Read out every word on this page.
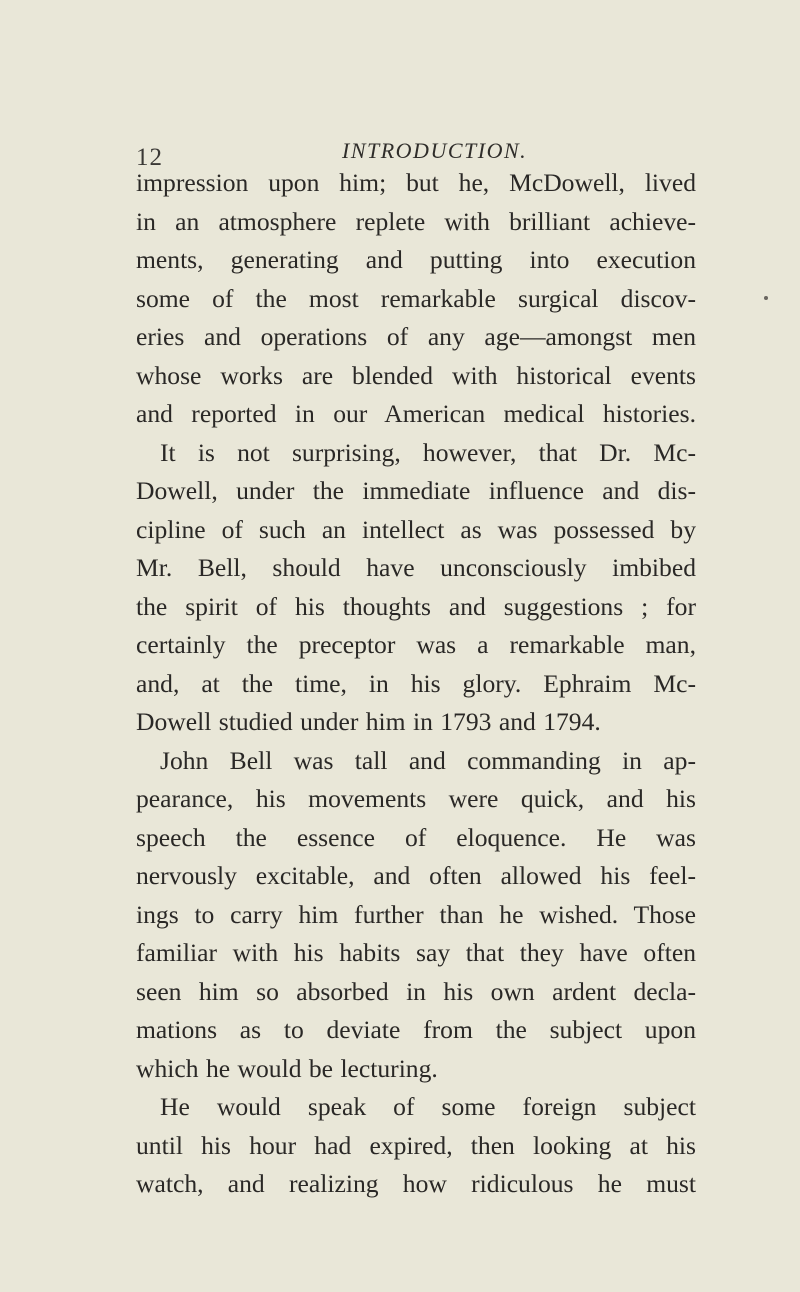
12	INTRODUCTION.
impression upon him; but he, McDowell, lived
in an atmosphere replete with brilliant achieve-
ments, generating and putting into execution
some of the most remarkable surgical discov-
eries and operations of any age—amongst men
whose works are blended with historical events
and reported in our American medical histories.
It is not surprising, however, that Dr. Mc-
Dowell, under the immediate influence and dis-
cipline of such an intellect as was possessed by
Mr. Bell, should have unconsciously imbibed
the spirit of his thoughts and suggestions ; for
certainly the preceptor was a remarkable man,
and, at the time, in his glory. Ephraim Mc-
Dowell studied under him in 1793 and 1794.
John Bell was tall and commanding in ap-
pearance, his movements were quick, and his
speech the essence of eloquence. He was
nervously excitable, and often allowed his feel-
ings to carry him further than he wished. Those
familiar with his habits say that they have often
seen him so absorbed in his own ardent decla-
mations as to deviate from the subject upon
which he would be lecturing.
He would speak of some foreign subject
until his hour had expired, then looking at his
watch, and realizing how ridiculous he must
